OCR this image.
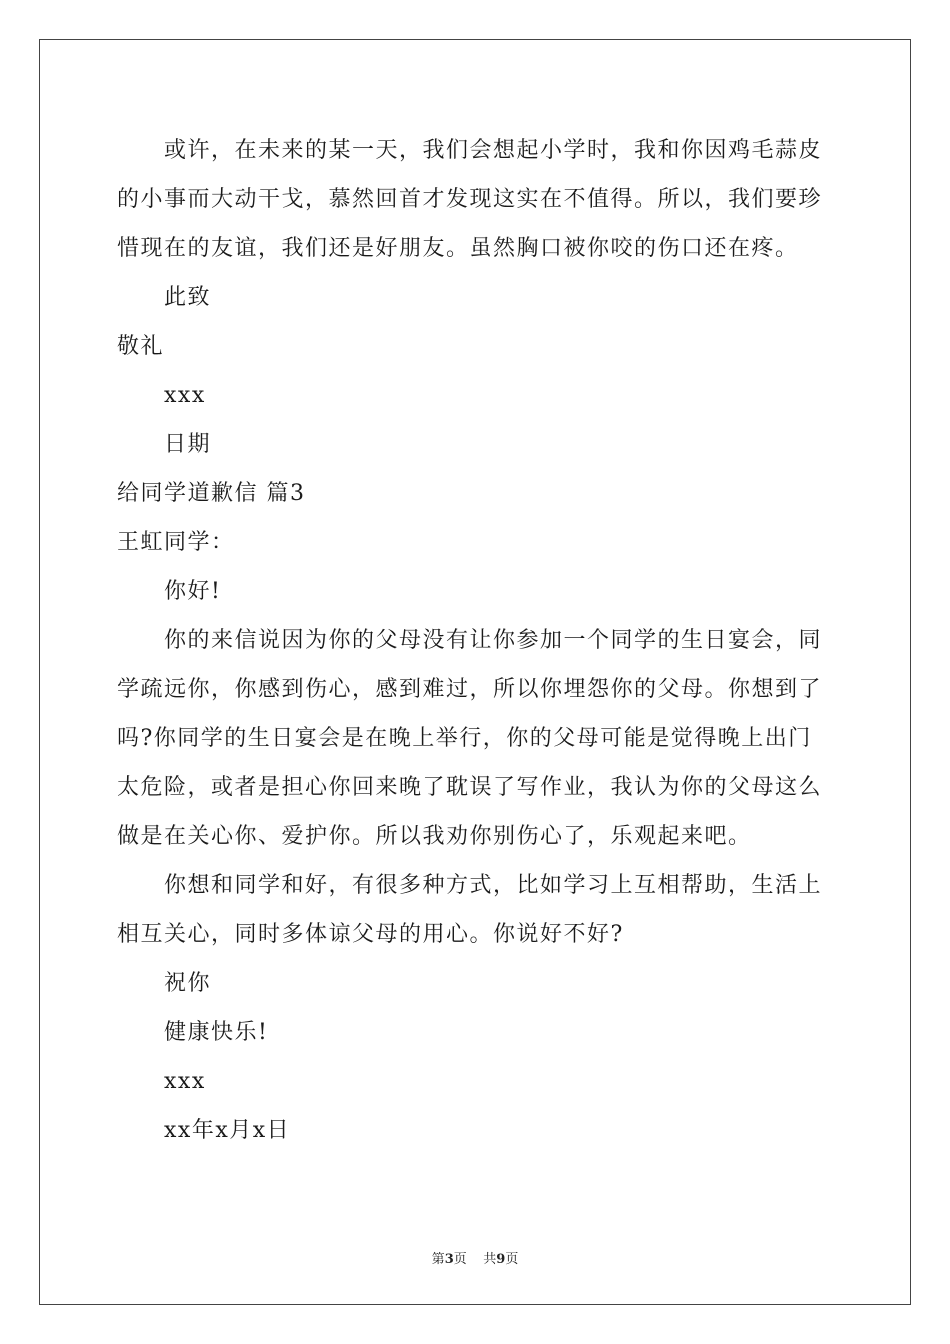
或许，在未来的某一天，我们会想起小学时，我和你因鸡毛蒜皮
的小事而大动干戈，慕然回首才发现这实在不值得。所以，我们要珍
惜现在的友谊，我们还是好朋友。虽然胸口被你咬的伤口还在疼。
此致
敬礼
xxx
日期
给同学道歉信 篇3
王虹同学：
你好!
你的来信说因为你的父母没有让你参加一个同学的生日宴会，同
学疏远你，你感到伤心，感到难过，所以你埋怨你的父母。你想到了
吗?你同学的生日宴会是在晚上举行，你的父母可能是觉得晚上出门
太危险，或者是担心你回来晚了耽误了写作业，我认为你的父母这么
做是在关心你、爱护你。所以我劝你别伤心了，乐观起来吧。
你想和同学和好，有很多种方式，比如学习上互相帮助，生活上
相互关心，同时多体谅父母的用心。你说好不好?
祝你
健康快乐!
xxx
xx年x月x日
第3页    共9页
